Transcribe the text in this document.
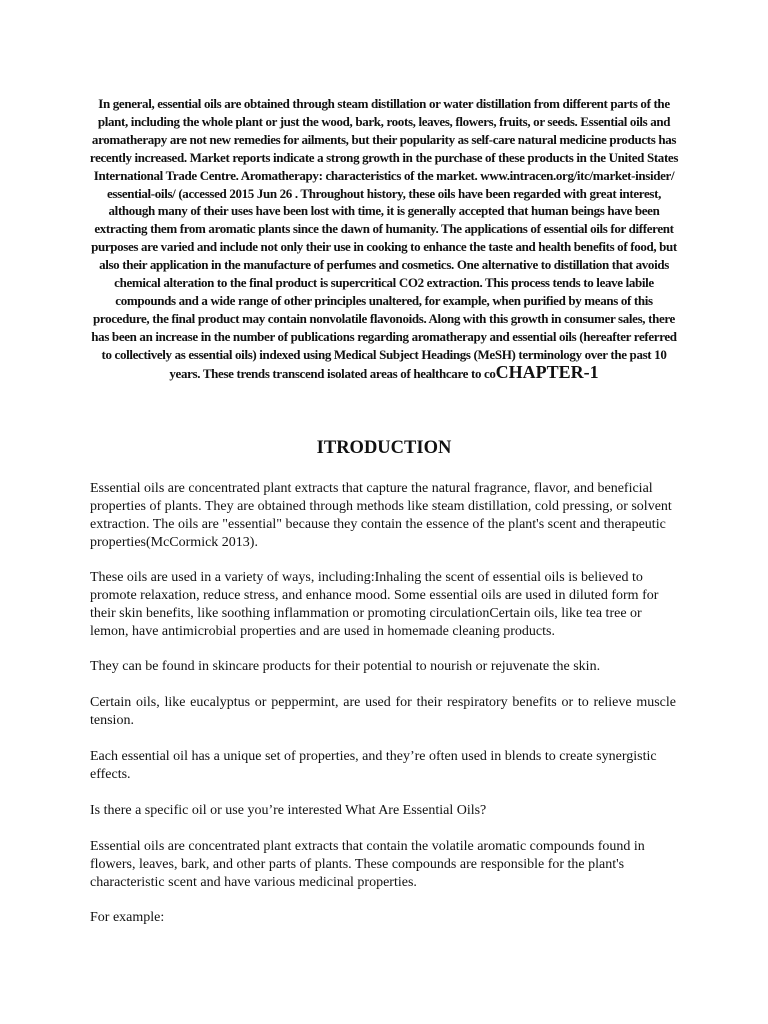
In general, essential oils are obtained through steam distillation or water distillation from different parts of the plant, including the whole plant or just the wood, bark, roots, leaves, flowers, fruits, or seeds. Essential oils and aromatherapy are not new remedies for ailments, but their popularity as self-care natural medicine products has recently increased. Market reports indicate a strong growth in the purchase of these products in the United States International Trade Centre. Aromatherapy: characteristics of the market. www.intracen.org/itc/market-insider/ essential-oils/ (accessed 2015 Jun 26 . Throughout history, these oils have been regarded with great interest, although many of their uses have been lost with time, it is generally accepted that human beings have been extracting them from aromatic plants since the dawn of humanity. The applications of essential oils for different purposes are varied and include not only their use in cooking to enhance the taste and health benefits of food, but also their application in the manufacture of perfumes and cosmetics. One alternative to distillation that avoids chemical alteration to the final product is supercritical CO2 extraction. This process tends to leave labile compounds and a wide range of other principles unaltered, for example, when purified by means of this procedure, the final product may contain nonvolatile flavonoids. Along with this growth in consumer sales, there has been an increase in the number of publications regarding aromatherapy and essential oils (hereafter referred to collectively as essential oils) indexed using Medical Subject Headings (MeSH) terminology over the past 10 years. These trends transcend isolated areas of healthcare to coCHAPTER-1

ITRODUCTION

Essential oils are concentrated plant extracts that capture the natural fragrance, flavor, and beneficial properties of plants. They are obtained through methods like steam distillation, cold pressing, or solvent extraction. The oils are "essential" because they contain the essence of the plant's scent and therapeutic properties(McCormick 2013).

These oils are used in a variety of ways, including:Inhaling the scent of essential oils is believed to promote relaxation, reduce stress, and enhance mood. Some essential oils are used in diluted form for their skin benefits, like soothing inflammation or promoting circulationCertain oils, like tea tree or lemon, have antimicrobial properties and are used in homemade cleaning products.

They can be found in skincare products for their potential to nourish or rejuvenate the skin.

Certain oils, like eucalyptus or peppermint, are used for their respiratory benefits or to relieve muscle tension.

Each essential oil has a unique set of properties, and they’re often used in blends to create synergistic effects.

Is there a specific oil or use you’re interested What Are Essential Oils?

Essential oils are concentrated plant extracts that contain the volatile aromatic compounds found in flowers, leaves, bark, and other parts of plants. These compounds are responsible for the plant's characteristic scent and have various medicinal properties.

For example:
